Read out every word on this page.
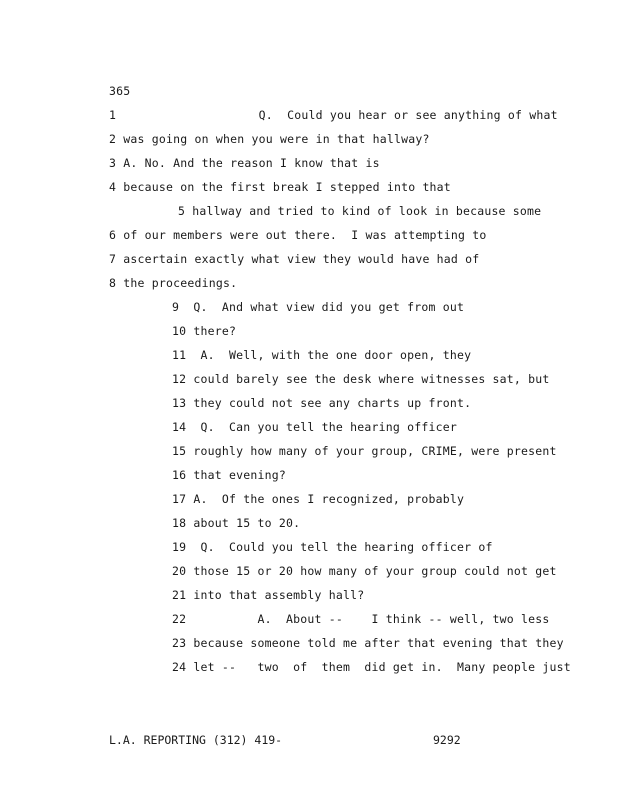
365
1                    Q.  Could you hear or see anything of what
2 was going on when you were in that hallway?
3 A. No. And the reason I know that is
4 because on the first break I stepped into that
5 hallway and tried to kind of look in because some
6 of our members were out there.  I was attempting to
7 ascertain exactly what view they would have had of
8 the proceedings.
9  Q.  And what view did you get from out
10 there?
11  A.  Well, with the one door open, they
12 could barely see the desk where witnesses sat, but
13 they could not see any charts up front.
14  Q.  Can you tell the hearing officer
15 roughly how many of your group, CRIME, were present
16 that evening?
17 A.  Of the ones I recognized, probably
18 about 15 to 20.
19  Q.  Could you tell the hearing officer of
20 those 15 or 20 how many of your group could not get
21 into that assembly hall?
22          A.  About --    I think -- well, two less
23 because someone told me after that evening that they
24 let --   two  of  them  did get in.  Many people just
L.A. REPORTING (312) 419-	9292
